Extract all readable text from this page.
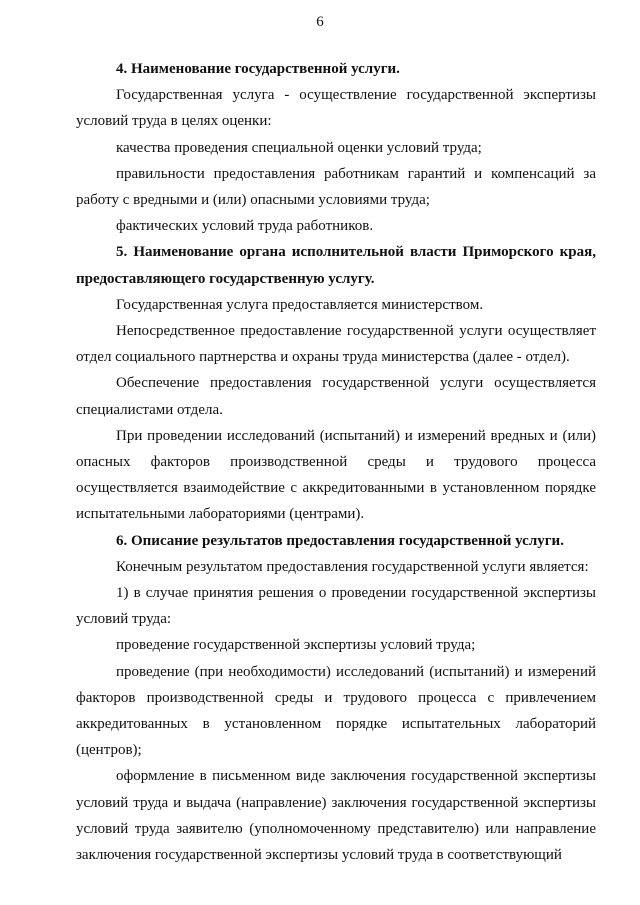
6

4. Наименование государственной услуги.

Государственная услуга - осуществление государственной экспертизы условий труда в целях оценки:

качества проведения специальной оценки условий труда;

правильности предоставления работникам гарантий и компенсаций за работу с вредными и (или) опасными условиями труда;

фактических условий труда работников.

5. Наименование органа исполнительной власти Приморского края, предоставляющего государственную услугу.

Государственная услуга предоставляется министерством.

Непосредственное предоставление государственной услуги осуществляет отдел социального партнерства и охраны труда министерства (далее - отдел).

Обеспечение предоставления государственной услуги осуществляется специалистами отдела.

При проведении исследований (испытаний) и измерений вредных и (или) опасных факторов производственной среды и трудового процесса осуществляется взаимодействие с аккредитованными в установленном порядке испытательными лабораториями (центрами).

6. Описание результатов предоставления государственной услуги.

Конечным результатом предоставления государственной услуги является:

1) в случае принятия решения о проведении государственной экспертизы условий труда:

проведение государственной экспертизы условий труда;

проведение (при необходимости) исследований (испытаний) и измерений факторов производственной среды и трудового процесса с привлечением аккредитованных в установленном порядке испытательных лабораторий (центров);

оформление в письменном виде заключения государственной экспертизы условий труда и выдача (направление) заключения государственной экспертизы условий труда заявителю (уполномоченному представителю) или направление заключения государственной экспертизы условий труда в соответствующий
